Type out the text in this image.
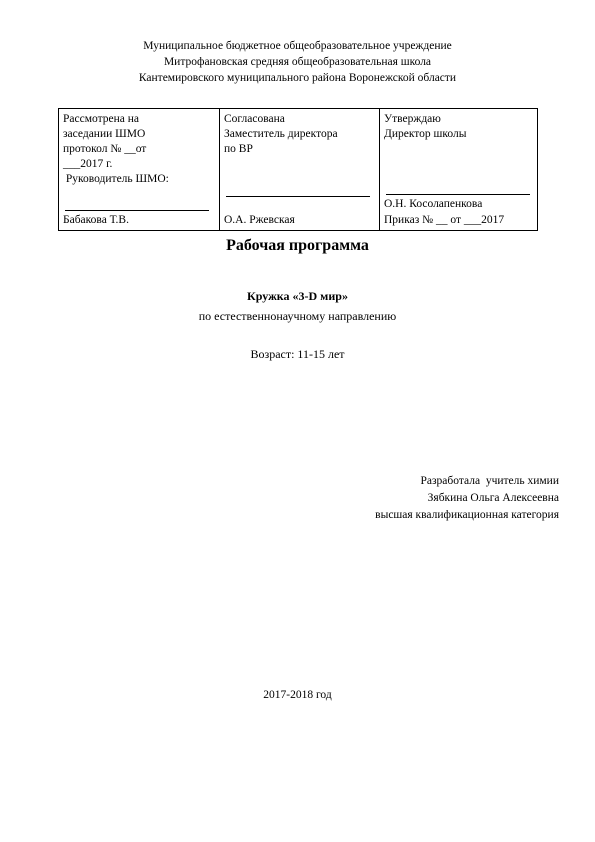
Муниципальное бюджетное общеобразовательное учреждение
Митрофановская средняя общеобразовательная школа
Кантемировского муниципального района Воронежской области
Рассмотрена на
заседании ШМО
протокол № __от
___2017 г.
Руководитель ШМО:
Бабакова Т.В.

Согласована
Заместитель директора
по ВР
О.А. Ржевская

Утверждаю
Директор школы
О.Н. Косолапенкова
Приказ № __ от ___2017
Рабочая программа
Кружка «3-D мир»
по естественнонаучному направлению
Возраст: 11-15 лет
Разработала  учитель химии
Зябкина Ольга Алексеевна
высшая квалификационная категория
2017-2018 год
